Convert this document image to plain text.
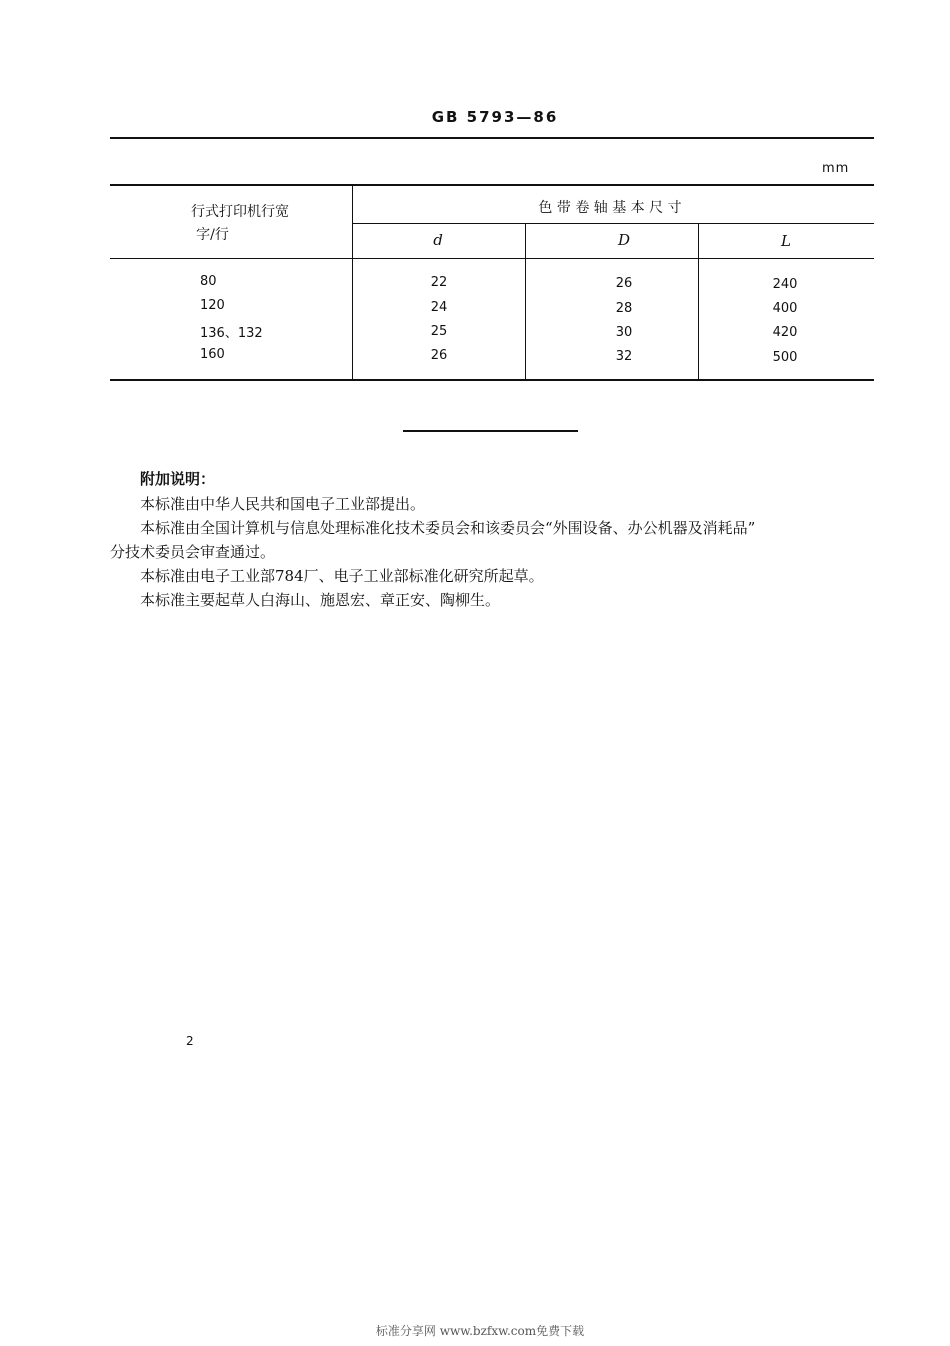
GB 5793—86
mm
行式打印机行宽
字/行
色 带 卷 轴 基 本 尺 寸
d	D	L
80	22	26	240
120	24	28	400
136、132	25	30	420
160	26	32	500
附加说明：
本标准由中华人民共和国电子工业部提出。
本标准由全国计算机与信息处理标准化技术委员会和该委员会“外围设备、办公机器及消耗品”
分技术委员会审查通过。
本标准由电子工业部784厂、电子工业部标准化研究所起草。
本标准主要起草人白海山、施恩宏、章正安、陶柳生。
2
标准分享网 www.bzfxw.com免费下载
